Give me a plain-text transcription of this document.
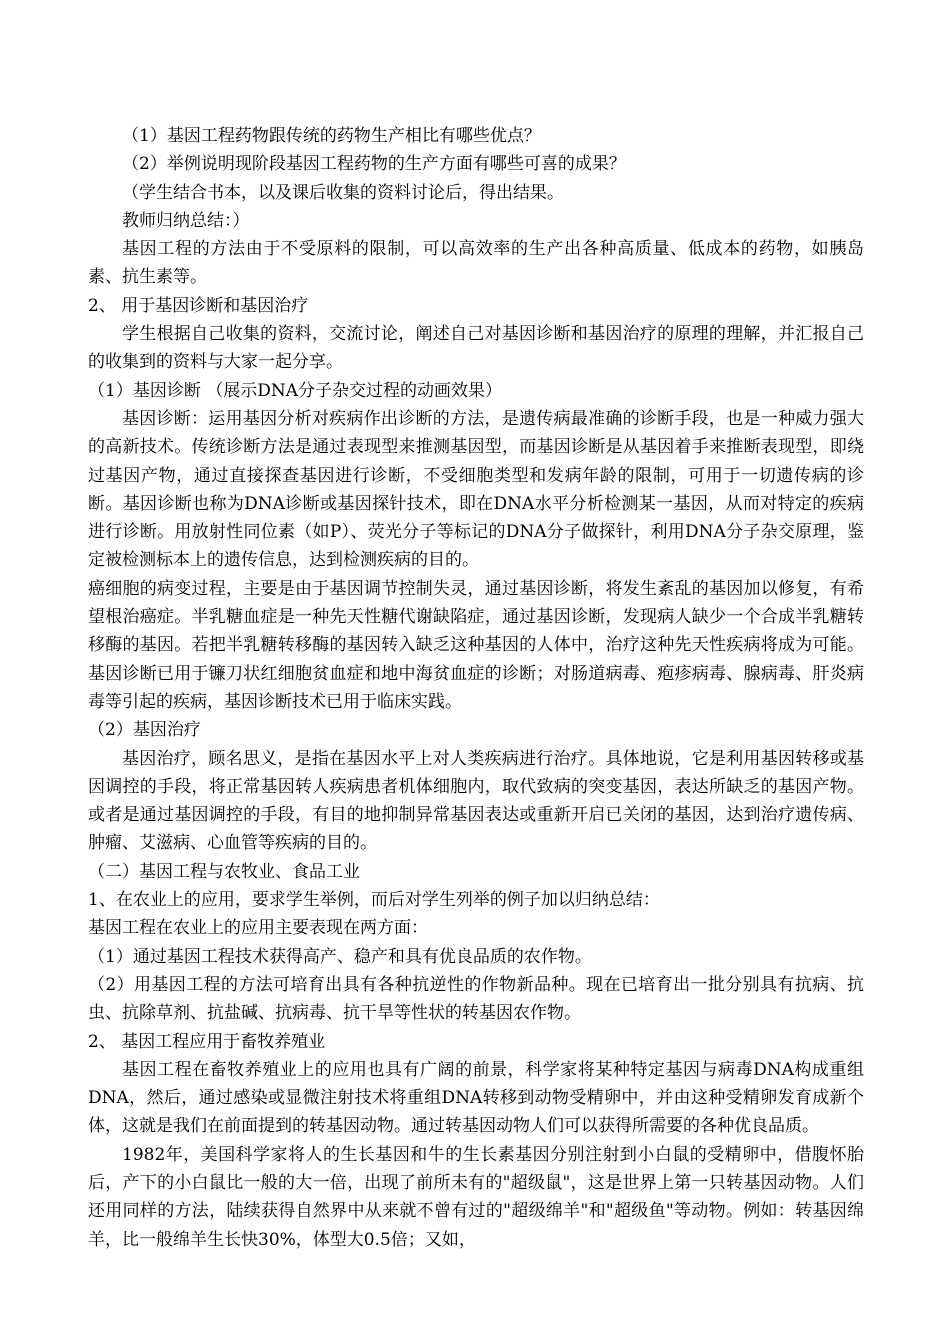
（1）基因工程药物跟传统的药物生产相比有哪些优点？

（2）举例说明现阶段基因工程药物的生产方面有哪些可喜的成果？

（学生结合书本，以及课后收集的资料讨论后，得出结果。

教师归纳总结：）

基因工程的方法由于不受原料的限制，可以高效率的生产出各种高质量、低成本的药物，如胰岛素、抗生素等。

2、 用于基因诊断和基因治疗

学生根据自己收集的资料，交流讨论，阐述自己对基因诊断和基因治疗的原理的理解，并汇报自己的收集到的资料与大家一起分享。

（1）基因诊断 （展示DNA分子杂交过程的动画效果）

基因诊断：运用基因分析对疾病作出诊断的方法，是遗传病最准确的诊断手段，也是一种威力强大的高新技术。传统诊断方法是通过表现型来推测基因型，而基因诊断是从基因着手来推断表现型，即绕过基因产物，通过直接探查基因进行诊断，不受细胞类型和发病年龄的限制，可用于一切遗传病的诊断。基因诊断也称为DNA诊断或基因探针技术，即在DNA水平分析检测某一基因，从而对特定的疾病进行诊断。用放射性同位素（如P）、荧光分子等标记的DNA分子做探针，利用DNA分子杂交原理，鉴定被检测标本上的遗传信息，达到检测疾病的目的。

癌细胞的病变过程，主要是由于基因调节控制失灵，通过基因诊断，将发生紊乱的基因加以修复，有希望根治癌症。半乳糖血症是一种先天性糖代谢缺陷症，通过基因诊断，发现病人缺少一个合成半乳糖转移酶的基因。若把半乳糖转移酶的基因转入缺乏这种基因的人体中，治疗这种先天性疾病将成为可能。基因诊断已用于镰刀状红细胞贫血症和地中海贫血症的诊断；对肠道病毒、疱疹病毒、腺病毒、肝炎病毒等引起的疾病，基因诊断技术已用于临床实践。

（2）基因治疗

基因治疗，顾名思义，是指在基因水平上对人类疾病进行治疗。具体地说，它是利用基因转移或基因调控的手段，将正常基因转人疾病患者机体细胞内，取代致病的突变基因，表达所缺乏的基因产物。或者是通过基因调控的手段，有目的地抑制异常基因表达或重新开启已关闭的基因，达到治疗遗传病、肿瘤、艾滋病、心血管等疾病的目的。

（二）基因工程与农牧业、食品工业

1、在农业上的应用，要求学生举例，而后对学生列举的例子加以归纳总结：

基因工程在农业上的应用主要表现在两方面：

（1）通过基因工程技术获得高产、稳产和具有优良品质的农作物。

（2）用基因工程的方法可培育出具有各种抗逆性的作物新品种。现在已培育出一批分别具有抗病、抗虫、抗除草剂、抗盐碱、抗病毒、抗干旱等性状的转基因农作物。

2、 基因工程应用于畜牧养殖业

基因工程在畜牧养殖业上的应用也具有广阔的前景，科学家将某种特定基因与病毒DNA构成重组DNA，然后，通过感染或显微注射技术将重组DNA转移到动物受精卵中，并由这种受精卵发育成新个体，这就是我们在前面提到的转基因动物。通过转基因动物人们可以获得所需要的各种优良品质。

1982年，美国科学家将人的生长基因和牛的生长素基因分别注射到小白鼠的受精卵中，借腹怀胎后，产下的小白鼠比一般的大一倍，出现了前所未有的"超级鼠"，这是世界上第一只转基因动物。人们还用同样的方法，陆续获得自然界中从来就不曾有过的"超级绵羊"和"超级鱼"等动物。例如：转基因绵羊，比一般绵羊生长快30%，体型大0.5倍；又如，
